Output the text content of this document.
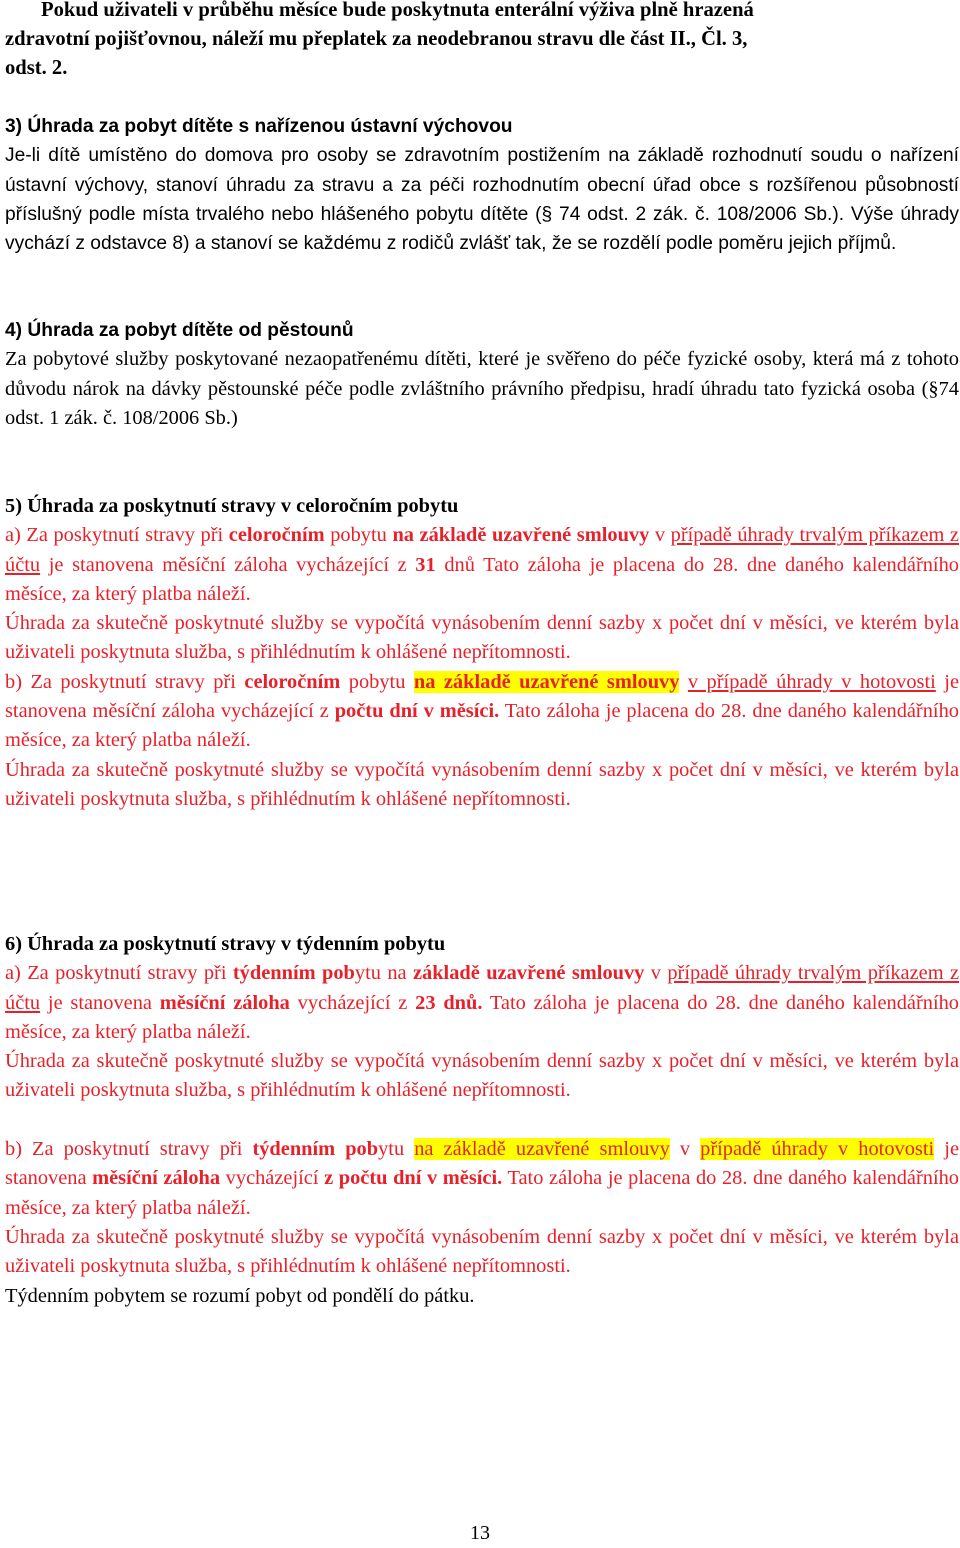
Pokud uživateli v průběhu měsíce bude poskytnuta enterální výživa plně hrazená
zdravotní pojišťovnou, náleží mu přeplatek za neodebranou stravu dle část II., Čl. 3,
odst. 2.
3) Úhrada za pobyt dítěte s nařízenou ústavní výchovou
Je-li dítě umístěno do domova pro osoby se zdravotním postižením na základě rozhodnutí soudu o nařízení ústavní výchovy, stanoví úhradu za stravu a za péči rozhodnutím obecní úřad obce s rozšířenou působností příslušný podle místa trvalého nebo hlášeného pobytu dítěte (§ 74 odst. 2 zák. č. 108/2006 Sb.). Výše úhrady vychází z odstavce 8) a stanoví se každému z rodičů zvlášť tak, že se rozdělí podle poměru jejich příjmů.
4) Úhrada za pobyt dítěte od pěstounů
Za pobytové služby poskytované nezaopatřenému dítěti, které je svěřeno do péče fyzické osoby, která má z tohoto důvodu nárok na dávky pěstounské péče podle zvláštního právního předpisu, hradí úhradu tato fyzická osoba (§74 odst. 1 zák. č. 108/2006 Sb.)
5) Úhrada za poskytnutí stravy v celoročním pobytu
a) Za poskytnutí stravy při celoročním pobytu na základě uzavřené smlouvy v případě úhrady trvalým příkazem z účtu je stanovena měsíční záloha vycházející z 31 dnů Tato záloha je placena do 28. dne daného kalendářního měsíce, za který platba náleží.
Úhrada za skutečně poskytnuté služby se vypočítá vynásobením denní sazby x počet dní v měsíci, ve kterém byla uživateli poskytnuta služba, s přihlédnutím k ohlášené nepřítomnosti.
b) Za poskytnutí stravy při celoročním pobytu na základě uzavřené smlouvy v případě úhrady v hotovosti je stanovena měsíční záloha vycházející z počtu dní v měsíci. Tato záloha je placena do 28. dne daného kalendářního měsíce, za který platba náleží.
Úhrada za skutečně poskytnuté služby se vypočítá vynásobením denní sazby x počet dní v měsíci, ve kterém byla uživateli poskytnuta služba, s přihlédnutím k ohlášené nepřítomnosti.
6) Úhrada za poskytnutí stravy v týdenním pobytu
a) Za poskytnutí stravy při týdenním pobytu na základě uzavřené smlouvy v případě úhrady trvalým příkazem z účtu je stanovena měsíční záloha vycházející z 23 dnů. Tato záloha je placena do 28. dne daného kalendářního měsíce, za který platba náleží.
Úhrada za skutečně poskytnuté služby se vypočítá vynásobením denní sazby x počet dní v měsíci, ve kterém byla uživateli poskytnuta služba, s přihlédnutím k ohlášené nepřítomnosti.
b) Za poskytnutí stravy při týdenním pobytu na základě uzavřené smlouvy v případě úhrady v hotovosti je stanovena měsíční záloha vycházející z počtu dní v měsíci. Tato záloha je placena do 28. dne daného kalendářního měsíce, za který platba náleží.
Úhrada za skutečně poskytnuté služby se vypočítá vynásobením denní sazby x počet dní v měsíci, ve kterém byla uživateli poskytnuta služba, s přihlédnutím k ohlášené nepřítomnosti.
Týdenním pobytem se rozumí pobyt od pondělí do pátku.
13
